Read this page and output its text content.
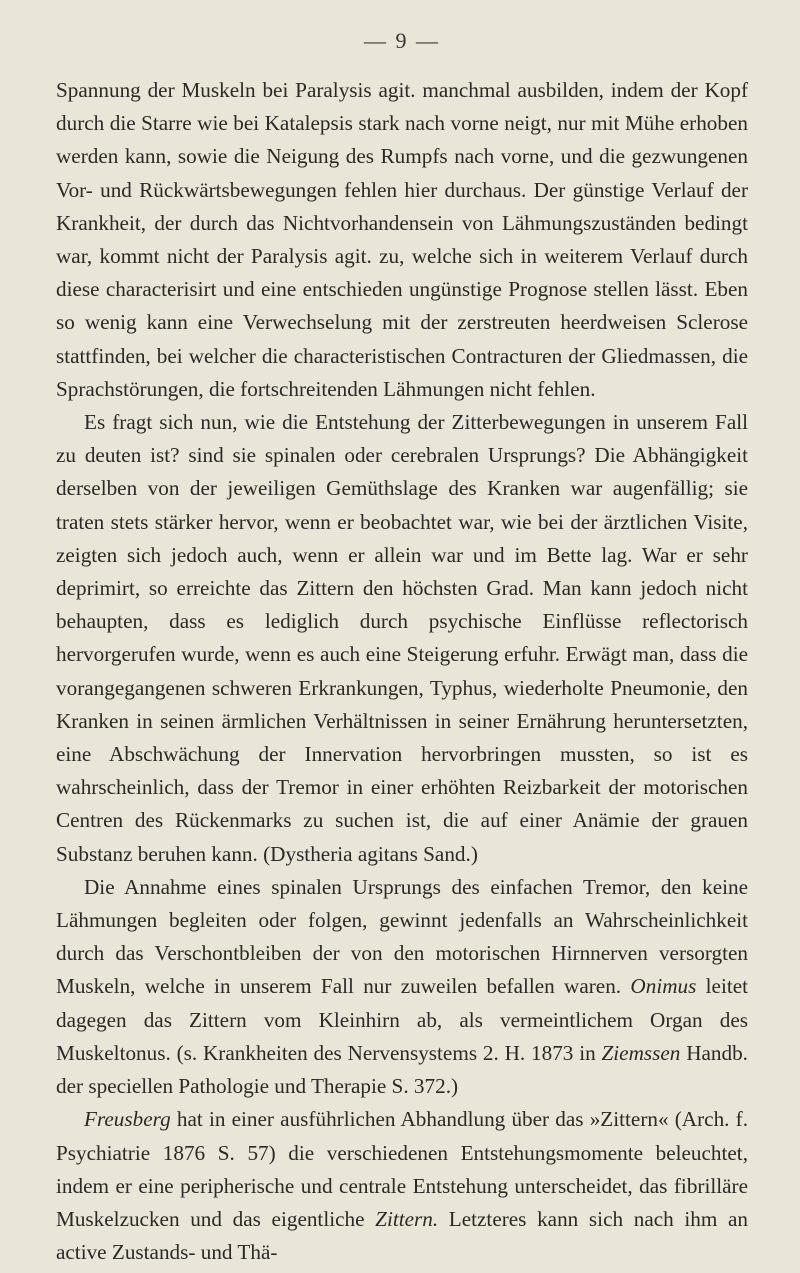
— 9 —

Spannung der Muskeln bei Paralysis agit. manchmal ausbilden, indem der Kopf durch die Starre wie bei Katalepsis stark nach vorne neigt, nur mit Mühe erhoben werden kann, sowie die Neigung des Rumpfs nach vorne, und die gezwungenen Vor- und Rückwärtsbewegungen fehlen hier durchaus. Der günstige Verlauf der Krankheit, der durch das Nichtvorhandensein von Lähmungszuständen bedingt war, kommt nicht der Paralysis agit. zu, welche sich in weiterem Verlauf durch diese characterisirt und eine entschieden ungünstige Prognose stellen lässt. Eben so wenig kann eine Verwechselung mit der zerstreuten heerdweisen Sclerose stattfinden, bei welcher die characteristischen Contracturen der Gliedmassen, die Sprachstörungen, die fortschreitenden Lähmungen nicht fehlen.

Es fragt sich nun, wie die Entstehung der Zitterbewegungen in unserem Fall zu deuten ist? sind sie spinalen oder cerebralen Ursprungs? Die Abhängigkeit derselben von der jeweiligen Gemüthslage des Kranken war augenfällig; sie traten stets stärker hervor, wenn er beobachtet war, wie bei der ärztlichen Visite, zeigten sich jedoch auch, wenn er allein war und im Bette lag. War er sehr deprimirt, so erreichte das Zittern den höchsten Grad. Man kann jedoch nicht behaupten, dass es lediglich durch psychische Einflüsse reflectorisch hervorgerufen wurde, wenn es auch eine Steigerung erfuhr. Erwägt man, dass die vorangegangenen schweren Erkrankungen, Typhus, wiederholte Pneumonie, den Kranken in seinen ärmlichen Verhältnissen in seiner Ernährung heruntersetzten, eine Abschwächung der Innervation hervorbringen mussten, so ist es wahrscheinlich, dass der Tremor in einer erhöhten Reizbarkeit der motorischen Centren des Rückenmarks zu suchen ist, die auf einer Anämie der grauen Substanz beruhen kann. (Dystheria agitans Sand.)

Die Annahme eines spinalen Ursprungs des einfachen Tremor, den keine Lähmungen begleiten oder folgen, gewinnt jedenfalls an Wahrscheinlichkeit durch das Verschontbleiben der von den motorischen Hirnnerven versorgten Muskeln, welche in unserem Fall nur zuweilen befallen waren. Onimus leitet dagegen das Zittern vom Kleinhirn ab, als vermeintlichem Organ des Muskeltonus. (s. Krankheiten des Nervensystems 2. H. 1873 in Ziemssen Handb. der speciellen Pathologie und Therapie S. 372.)

Freusberg hat in einer ausführlichen Abhandlung über das »Zittern« (Arch. f. Psychiatrie 1876 S. 57) die verschiedenen Entstehungsmomente beleuchtet, indem er eine peripherische und centrale Entstehung unterscheidet, das fibrilläre Muskelzucken und das eigentliche Zittern. Letzteres kann sich nach ihm an active Zustands- und Thä-
